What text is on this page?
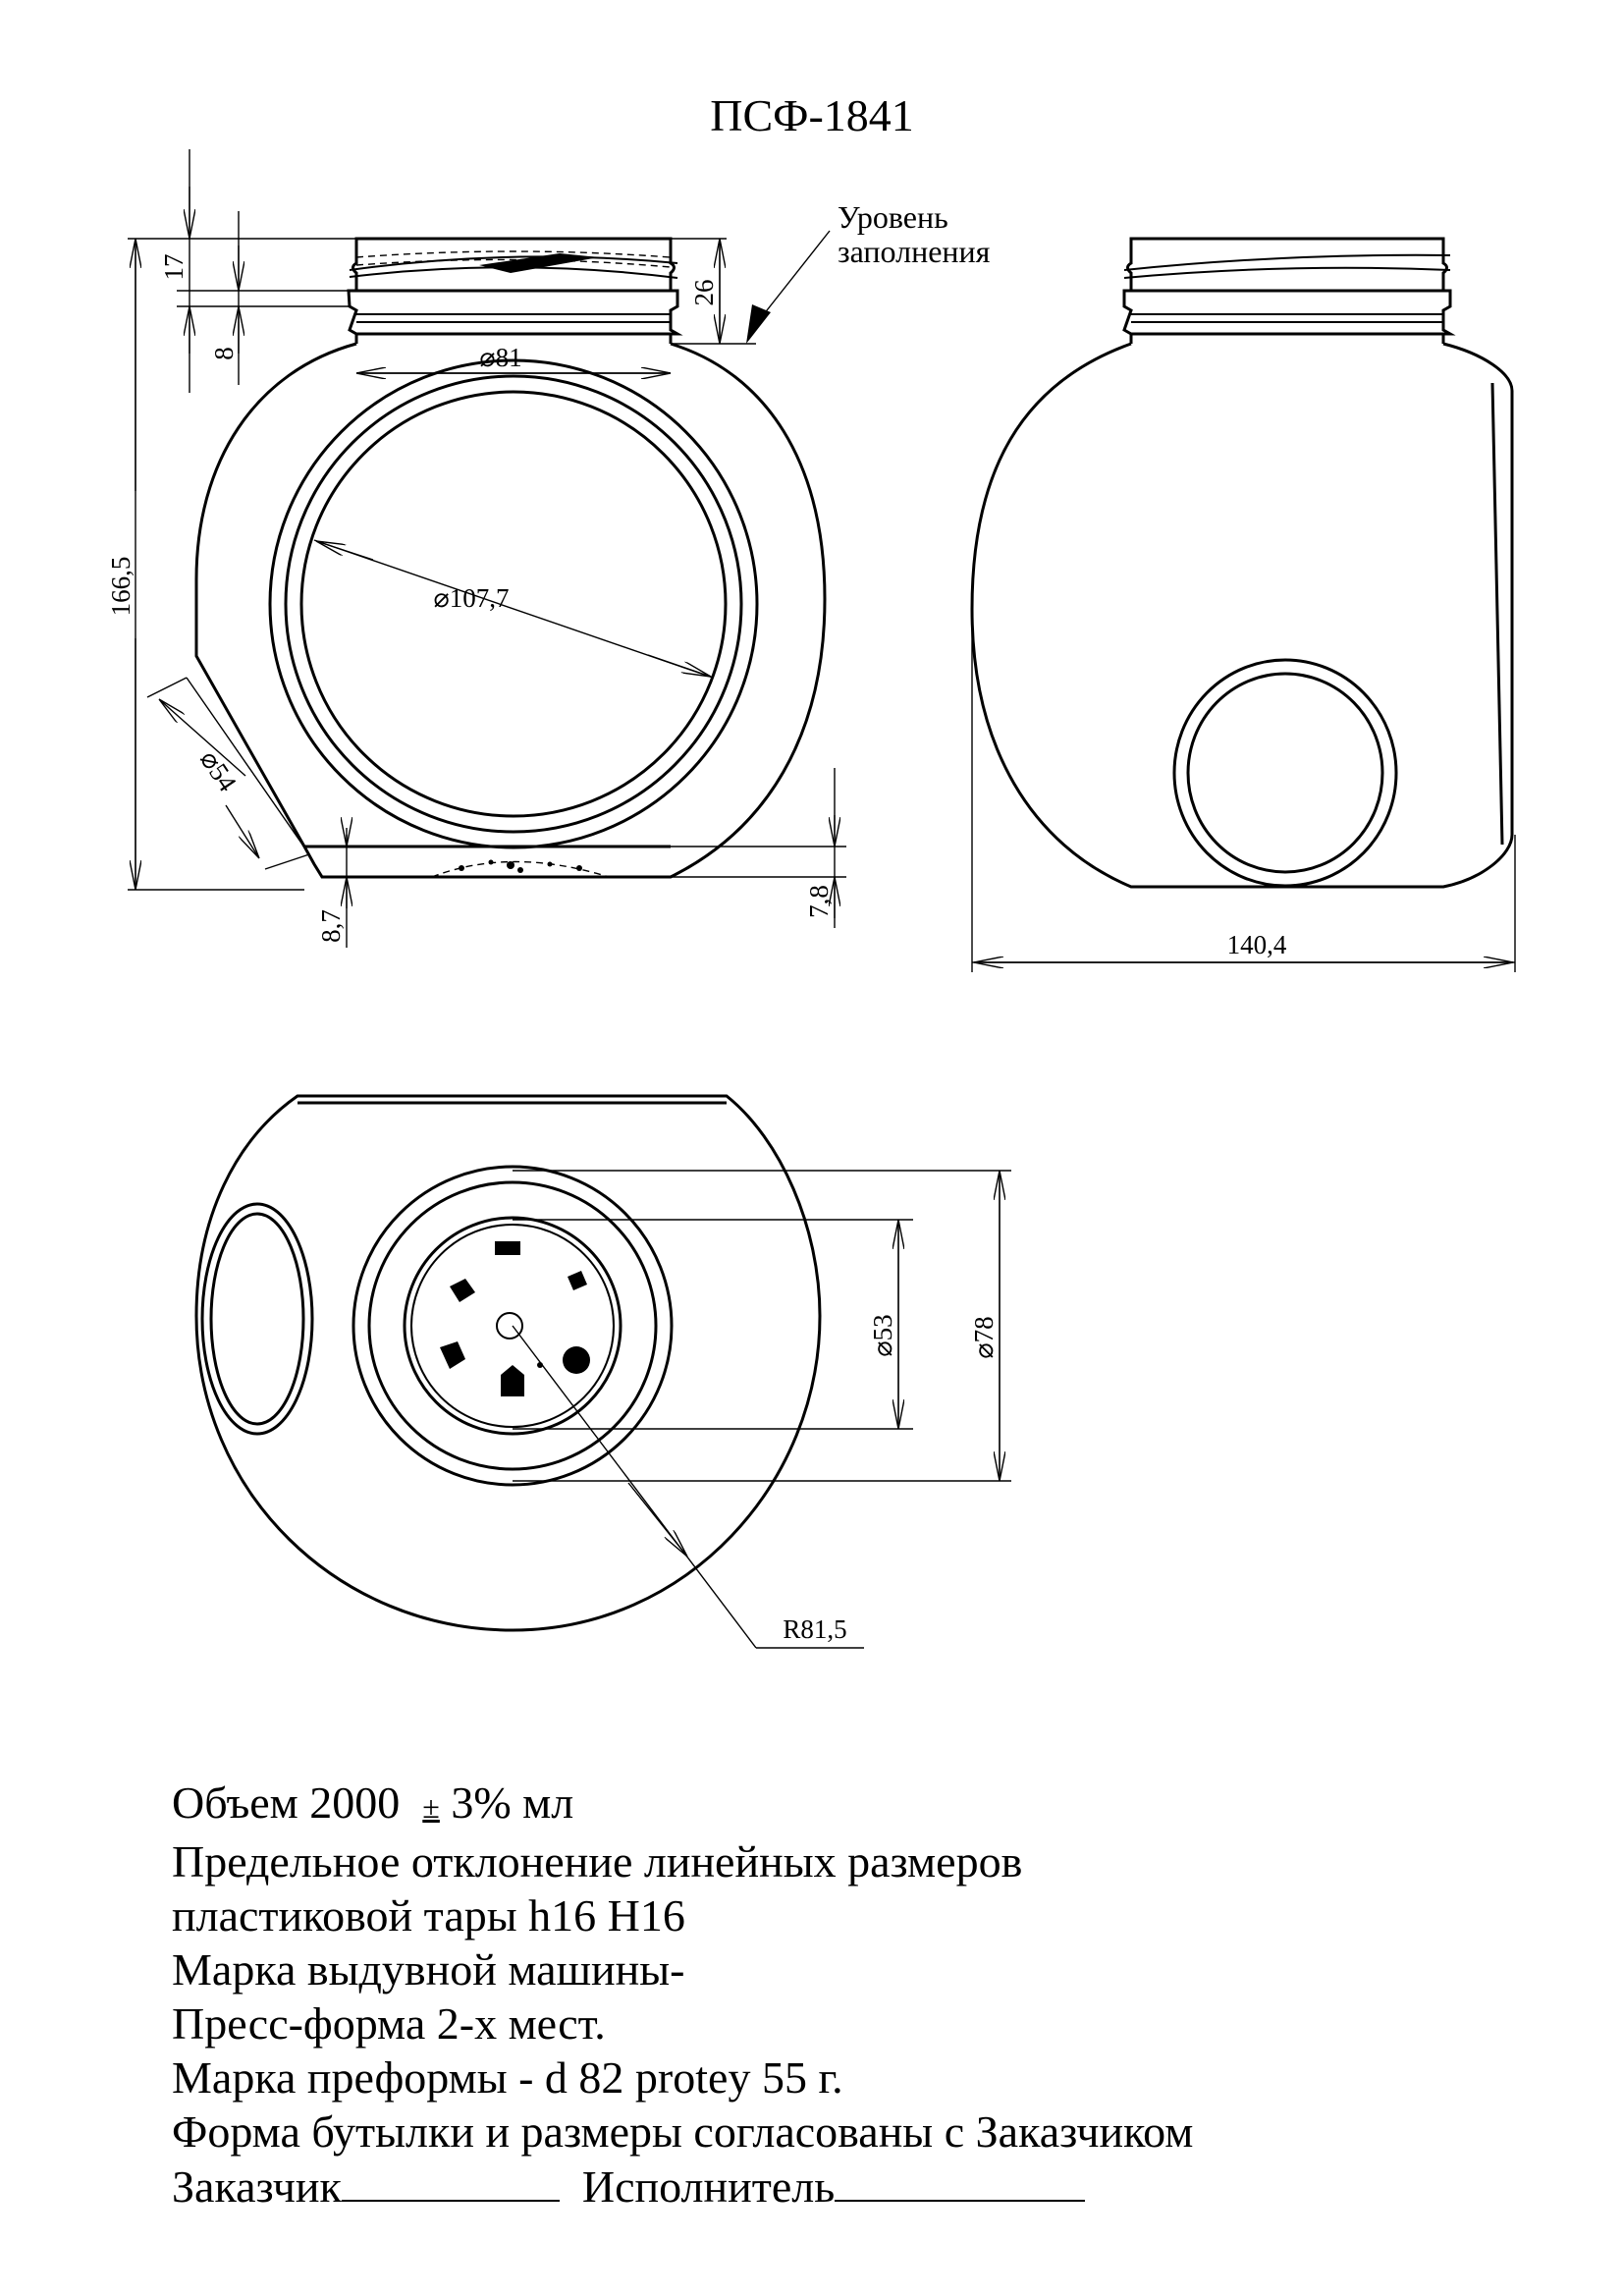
ПСФ-1841
17
8
166,5
26
Уровень
заполнения
⌀81
⌀107,7
⌀54
8,7
7,8
140,4
⌀53	⌀78
R81,5
Объем 2000  ± 3% мл
Предельное отклонение линейных размеров
пластиковой тары h16 H16
Марка выдувной машины-
Пресс-форма 2-х мест.
Марка преформы - d 82 protey 55 г.
Форма бутылки и размеры согласованы с Заказчиком
Заказчик	Исполнитель
